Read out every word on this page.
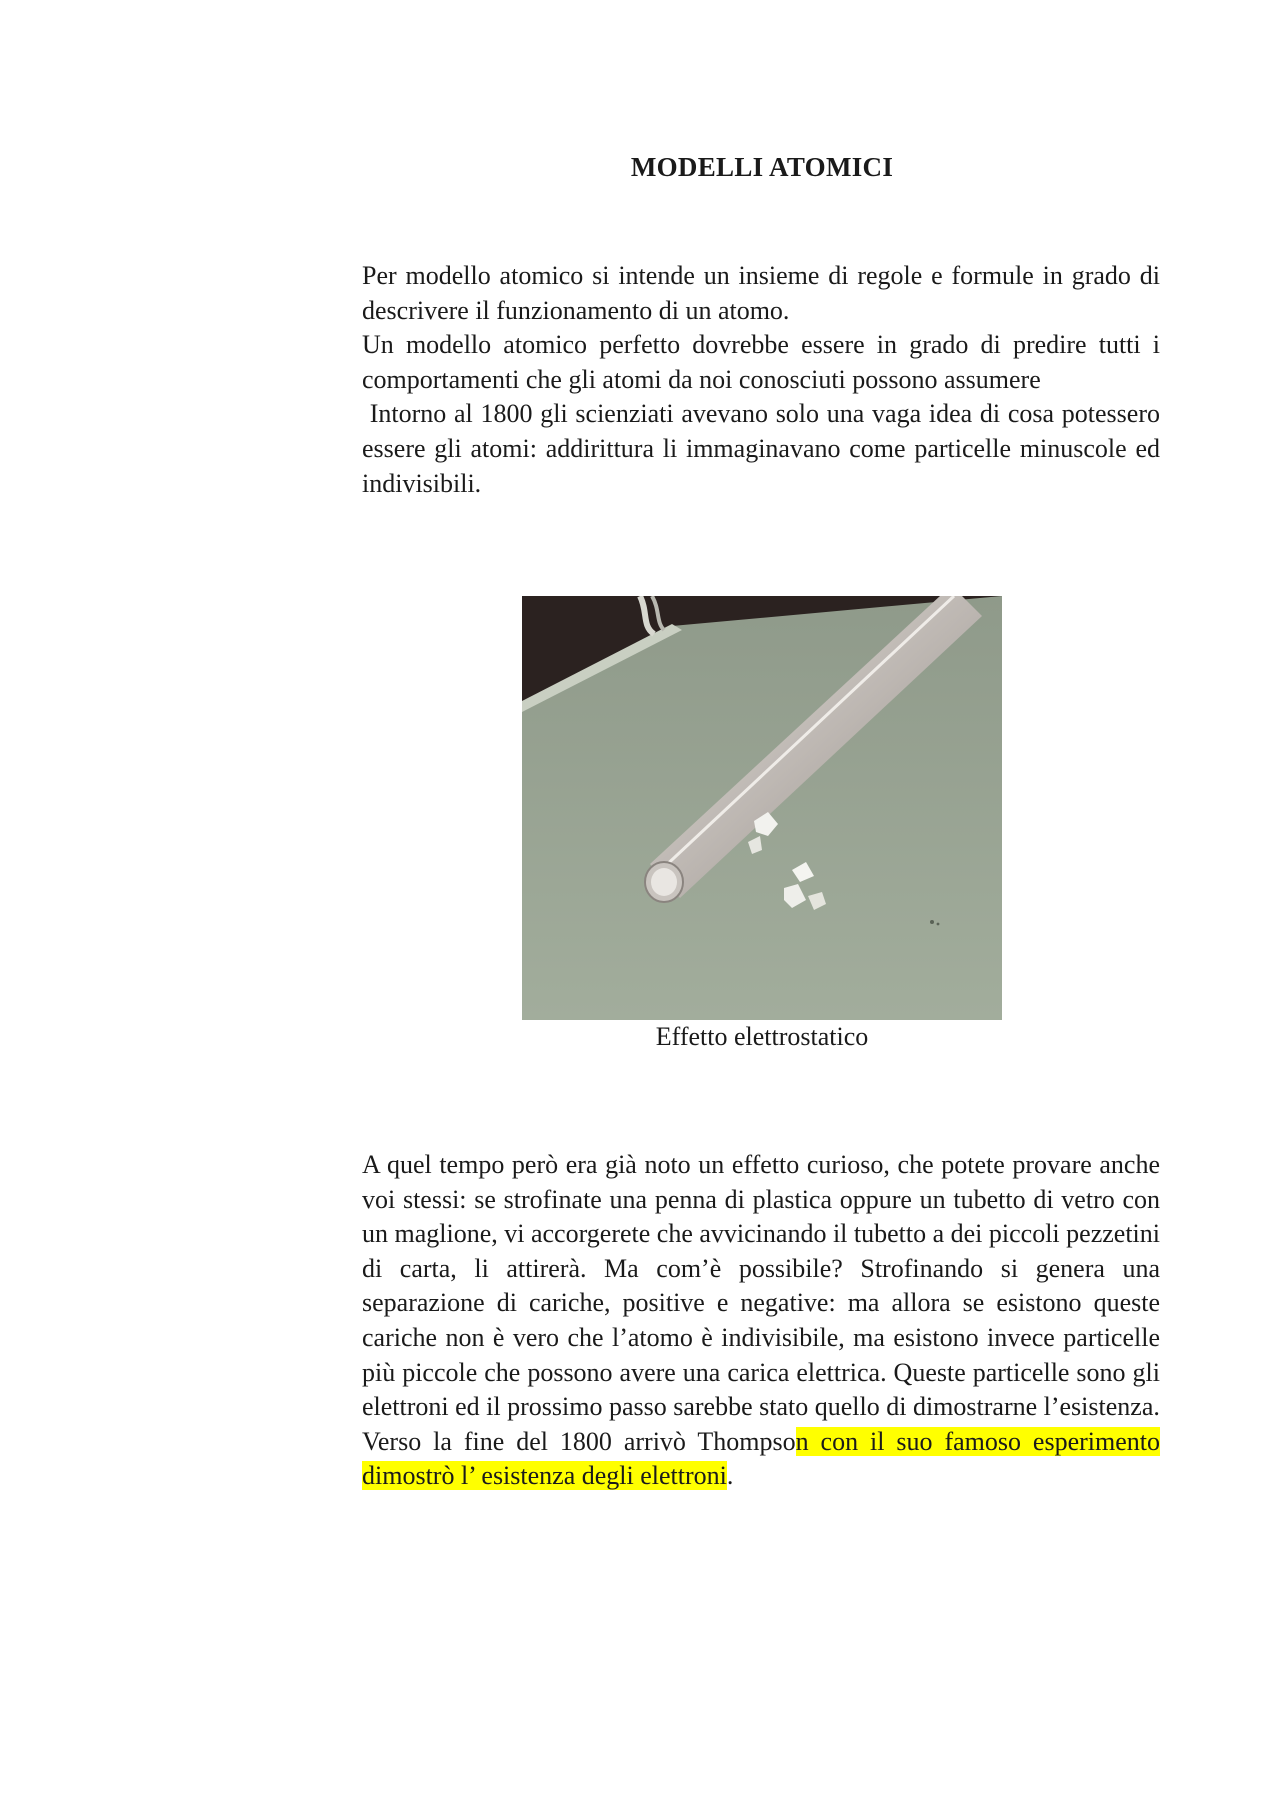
MODELLI ATOMICI

Per modello atomico si intende un insieme di regole e formule in grado di descrivere il funzionamento di un atomo.

Un modello atomico perfetto dovrebbe essere in grado di predire tutti i comportamenti che gli atomi da noi conosciuti possono assumere

Intorno al 1800 gli scienziati avevano solo una vaga idea di cosa potessero essere gli atomi: addirittura li immaginavano come particelle minuscole ed indivisibili.

Effetto elettrostatico

A quel tempo però era già noto un effetto curioso, che potete provare anche voi stessi: se strofinate una penna di plastica oppure un tubetto di vetro con un maglione, vi accorgerete che avvicinando il tubetto a dei piccoli pezzetini di carta, li attirerà. Ma com’è possibile? Strofinando si genera una separazione di cariche, positive e negative: ma allora se esistono queste cariche non è vero che l’atomo è indivisibile, ma esistono invece particelle più piccole che possono avere una carica elettrica. Queste particelle sono gli elettroni ed il prossimo passo sarebbe stato quello di dimostrarne l’esistenza.

Verso la fine del 1800 arrivò Thompson con il suo famoso esperimento dimostrò l’ esistenza degli elettroni.
